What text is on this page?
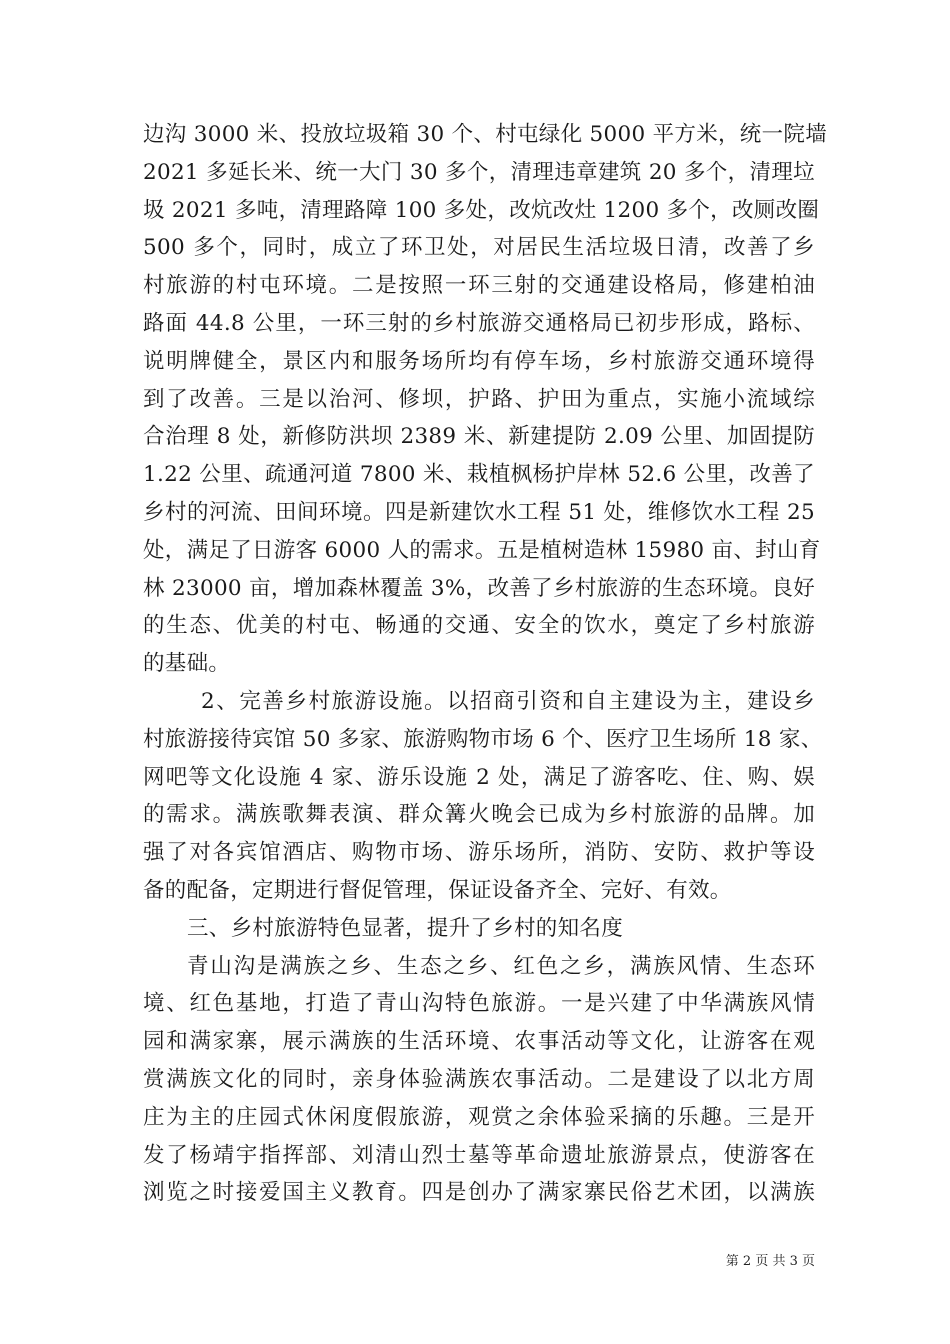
边沟 3000 米、投放垃圾箱 30 个、村屯绿化 5000 平方米，统一院墙
2021 多延长米、统一大门 30 多个，清理违章建筑 20 多个，清理垃
圾 2021 多吨，清理路障 100 多处，改炕改灶 1200 多个，改厕改圈
500 多个，同时，成立了环卫处，对居民生活垃圾日清，改善了乡
村旅游的村屯环境。二是按照一环三射的交通建设格局，修建柏油
路面 44.8 公里，一环三射的乡村旅游交通格局已初步形成，路标、
说明牌健全，景区内和服务场所均有停车场，乡村旅游交通环境得
到了改善。三是以治河、修坝，护路、护田为重点，实施小流域综
合治理 8 处，新修防洪坝 2389 米、新建提防 2.09 公里、加固提防
1.22 公里、疏通河道 7800 米、栽植枫杨护岸林 52.6 公里，改善了
乡村的河流、田间环境。四是新建饮水工程 51 处，维修饮水工程 25
处，满足了日游客 6000 人的需求。五是植树造林 15980 亩、封山育
林 23000 亩，增加森林覆盖 3%，改善了乡村旅游的生态环境。良好
的生态、优美的村屯、畅通的交通、安全的饮水，奠定了乡村旅游
的基础。
2、完善乡村旅游设施。以招商引资和自主建设为主，建设乡
村旅游接待宾馆 50 多家、旅游购物市场 6 个、医疗卫生场所 18 家、
网吧等文化设施 4 家、游乐设施 2 处，满足了游客吃、住、购、娱
的需求。满族歌舞表演、群众篝火晚会已成为乡村旅游的品牌。加
强了对各宾馆酒店、购物市场、游乐场所，消防、安防、救护等设
备的配备，定期进行督促管理，保证设备齐全、完好、有效。
三、乡村旅游特色显著，提升了乡村的知名度
青山沟是满族之乡、生态之乡、红色之乡，满族风情、生态环
境、红色基地，打造了青山沟特色旅游。一是兴建了中华满族风情
园和满家寨，展示满族的生活环境、农事活动等文化，让游客在观
赏满族文化的同时，亲身体验满族农事活动。二是建设了以北方周
庄为主的庄园式休闲度假旅游，观赏之余体验采摘的乐趣。三是开
发了杨靖宇指挥部、刘清山烈士墓等革命遗址旅游景点，使游客在
浏览之时接爱国主义教育。四是创办了满家寨民俗艺术团，以满族
第 2 页 共 3 页
